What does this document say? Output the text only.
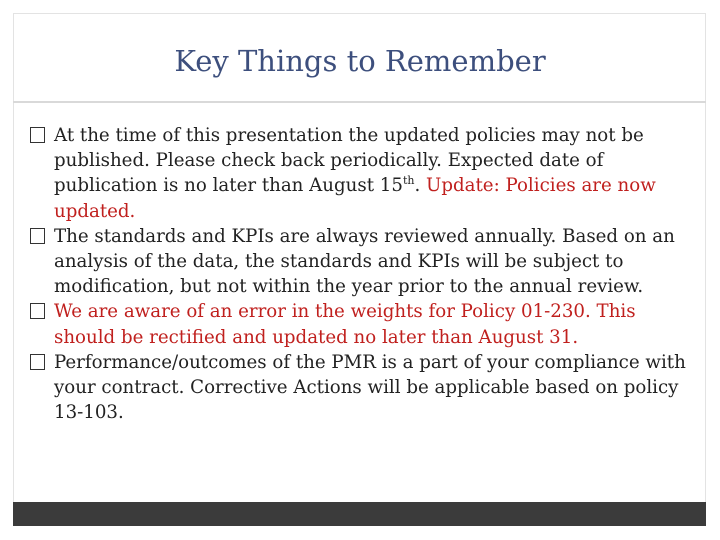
Key Things to Remember
At the time of this presentation the updated policies may not be published. Please check back periodically. Expected date of publication is no later than August 15th. Update: Policies are now updated.
The standards and KPIs are always reviewed annually. Based on an analysis of the data, the standards and KPIs will be subject to modification, but not within the year prior to the annual review.
We are aware of an error in the weights for Policy 01-230. This should be rectified and updated no later than August 31.
Performance/outcomes of the PMR is a part of your compliance with your contract. Corrective Actions will be applicable based on policy 13-103.
